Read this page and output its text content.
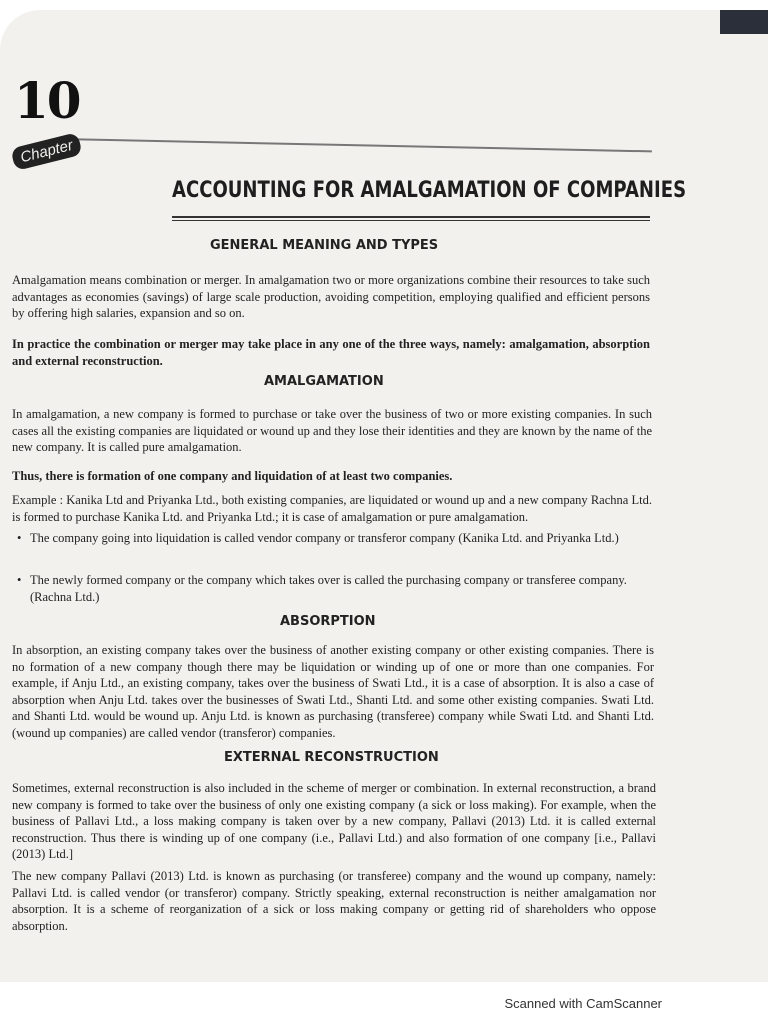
10
Chapter
ACCOUNTING FOR AMALGAMATION OF COMPANIES
GENERAL MEANING AND TYPES
Amalgamation means combination or merger. In amalgamation two or more organizations combine their resources to take such advantages as economies (savings) of large scale production, avoiding competition, employing qualified and efficient persons by offering high salaries, expansion and so on.
In practice the combination or merger may take place in any one of the three ways, namely: amalgamation, absorption and external reconstruction.
AMALGAMATION
In amalgamation, a new company is formed to purchase or take over the business of two or more existing companies. In such cases all the existing companies are liquidated or wound up and they lose their identities and they are known by the name of the new company. It is called pure amalgamation.
Thus, there is formation of one company and liquidation of at least two companies.
Example : Kanika Ltd and Priyanka Ltd., both existing companies, are liquidated or wound up and a new company Rachna Ltd. is formed to purchase Kanika Ltd. and Priyanka Ltd.; it is case of amalgamation or pure amalgamation.
• The company going into liquidation is called vendor company or transferor company (Kanika Ltd. and Priyanka Ltd.)
• The newly formed company or the company which takes over is called the purchasing company or transferee company. (Rachna Ltd.)
ABSORPTION
In absorption, an existing company takes over the business of another existing company or other existing companies. There is no formation of a new company though there may be liquidation or winding up of one or more than one companies. For example, if Anju Ltd., an existing company, takes over the business of Swati Ltd., it is a case of absorption. It is also a case of absorption when Anju Ltd. takes over the businesses of Swati Ltd., Shanti Ltd. and some other existing companies. Swati Ltd. and Shanti Ltd. would be wound up. Anju Ltd. is known as purchasing (transferee) company while Swati Ltd. and Shanti Ltd. (wound up companies) are called vendor (transferor) companies.
EXTERNAL RECONSTRUCTION
Sometimes, external reconstruction is also included in the scheme of merger or combination. In external reconstruction, a brand new company is formed to take over the business of only one existing company (a sick or loss making). For example, when the business of Pallavi Ltd., a loss making company is taken over by a new company, Pallavi (2013) Ltd. it is called external reconstruction. Thus there is winding up of one company (i.e., Pallavi Ltd.) and also formation of one company [i.e., Pallavi (2013) Ltd.]
The new company Pallavi (2013) Ltd. is known as purchasing (or transferee) company and the wound up company, namely: Pallavi Ltd. is called vendor (or transferor) company. Strictly speaking, external reconstruction is neither amalgamation nor absorption. It is a scheme of reorganization of a sick or loss making company or getting rid of shareholders who oppose absorption.
Scanned with CamScanner
